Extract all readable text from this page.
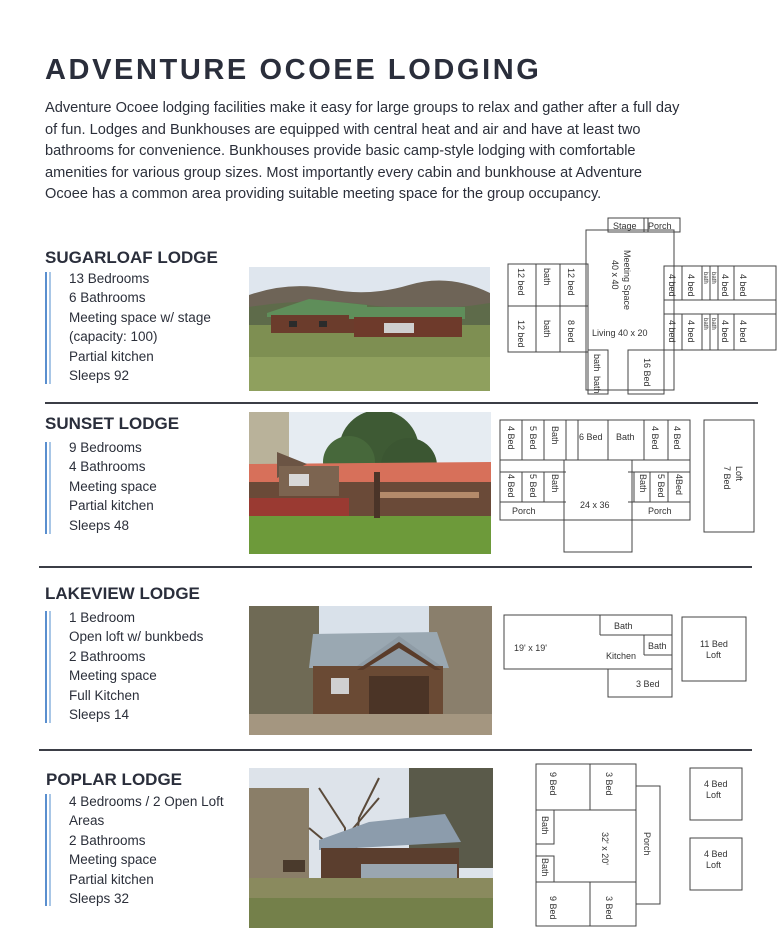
ADVENTURE OCOEE LODGING

Adventure Ocoee lodging facilities make it easy for large groups to relax and gather after a full day of fun. Lodges and Bunkhouses are equipped with central heat and air and have at least two bathrooms for convenience. Bunkhouses provide basic camp-style lodging with comfortable amenities for various group sizes. Most importantly every cabin and bunkhouse at Adventure Ocoee has a common area providing suitable meeting space for the group occupancy.

SUGARLOAF LODGE
13 Bedrooms
6 Bathrooms
Meeting space w/ stage
(capacity: 100)
Partial kitchen
Sleeps 92
Stage Porch
Meeting Space
40 x 40
12 bed bath 12 bed
12 bed bath 8 bed Living 40 x 20
bath
bath	16 Bed
4 bed 4 bed bath bath 4 bed 4 bed
4 bed 4 bed bath bath 4 bed 4 bed
SUNSET LODGE
9 Bedrooms
4 Bathrooms
Meeting space
Partial kitchen
Sleeps 48
4 Bed 5 Bed Bath 6 Bed Bath 4 Bed 4 Bed
4 Bed 5 Bed Bath	Bath 5 Bed 4Bed
Porch
24 x 36
Porch
Loft
7 Bed
LAKEVIEW LODGE
1 Bedroom
Open loft w/ bunkbeds
2 Bathrooms
Meeting space
Full Kitchen
Sleeps 14
19' x 19'
Bath
Bath
Kitchen
3 Bed
11 Bed
Loft
POPLAR LODGE
4 Bedrooms / 2 Open Loft
Areas
2 Bathrooms
Meeting space
Partial kitchen
Sleeps 32
9 Bed	3 Bed
Bath
32' x 20'	Porch
Bath
9 Bed	3 Bed
4 Bed
Loft
4 Bed
Loft
